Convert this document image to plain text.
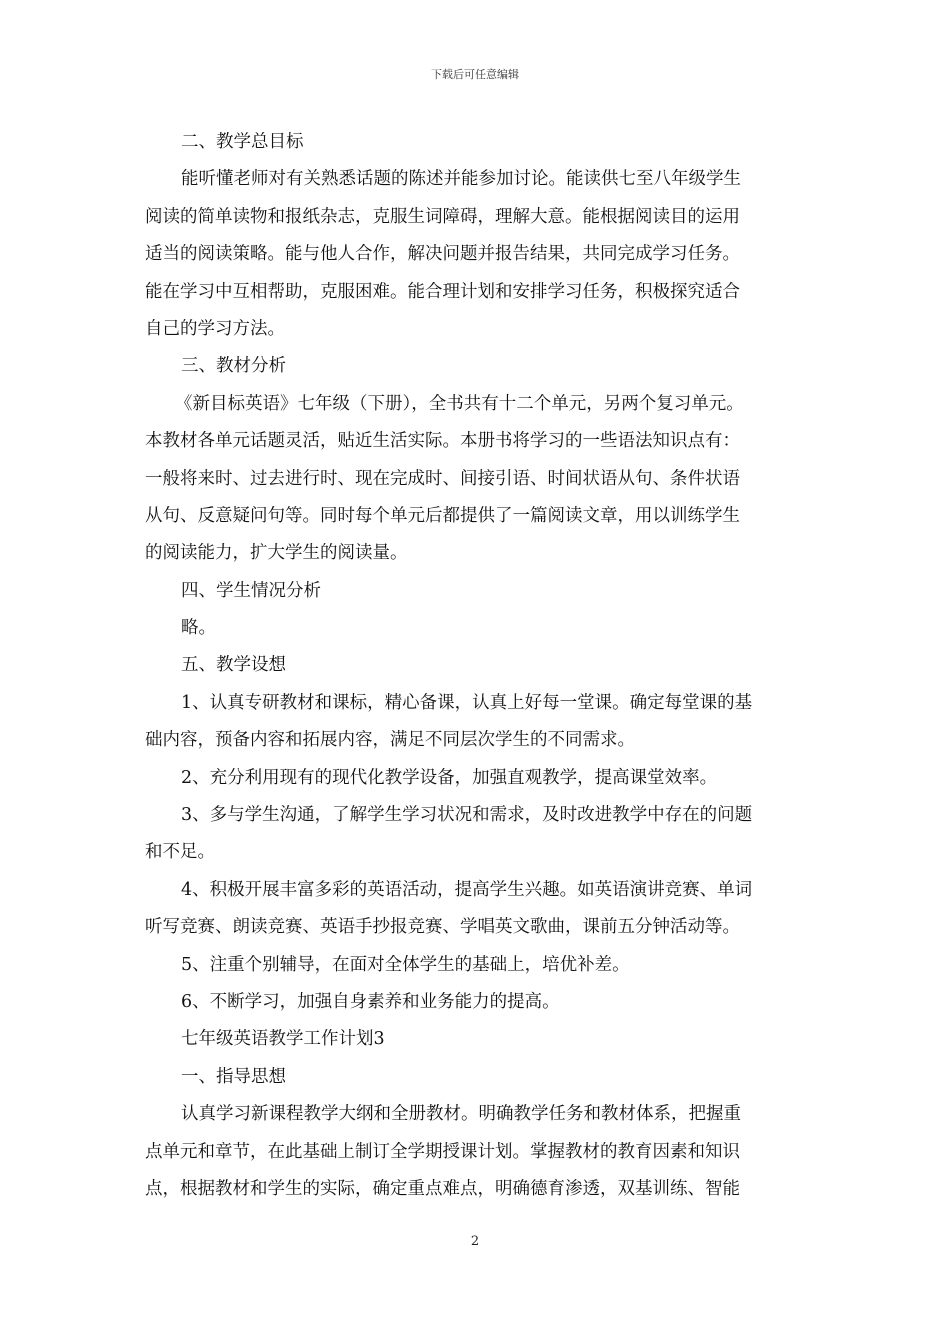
下载后可任意编辑
二、教学总目标
能听懂老师对有关熟悉话题的陈述并能参加讨论。能读供七至八年级学生
阅读的简单读物和报纸杂志，克服生词障碍，理解大意。能根据阅读目的运用
适当的阅读策略。能与他人合作，解决问题并报告结果，共同完成学习任务。
能在学习中互相帮助，克服困难。能合理计划和安排学习任务，积极探究适合
自己的学习方法。
三、教材分析
《新目标英语》七年级（下册），全书共有十二个单元，另两个复习单元。
本教材各单元话题灵活，贴近生活实际。本册书将学习的一些语法知识点有：
一般将来时、过去进行时、现在完成时、间接引语、时间状语从句、条件状语
从句、反意疑问句等。同时每个单元后都提供了一篇阅读文章，用以训练学生
的阅读能力，扩大学生的阅读量。
四、学生情况分析
略。
五、教学设想
1、认真专研教材和课标，精心备课，认真上好每一堂课。确定每堂课的基
础内容，预备内容和拓展内容，满足不同层次学生的不同需求。
2、充分利用现有的现代化教学设备，加强直观教学，提高课堂效率。
3、多与学生沟通，了解学生学习状况和需求，及时改进教学中存在的问题
和不足。
4、积极开展丰富多彩的英语活动，提高学生兴趣。如英语演讲竞赛、单词
听写竞赛、朗读竞赛、英语手抄报竞赛、学唱英文歌曲，课前五分钟活动等。
5、注重个别辅导，在面对全体学生的基础上，培优补差。
6、不断学习，加强自身素养和业务能力的提高。
七年级英语教学工作计划3
一、指导思想
认真学习新课程教学大纲和全册教材。明确教学任务和教材体系，把握重
点单元和章节，在此基础上制订全学期授课计划。掌握教材的教育因素和知识
点，根据教材和学生的实际，确定重点难点，明确德育渗透，双基训练、智能
2
